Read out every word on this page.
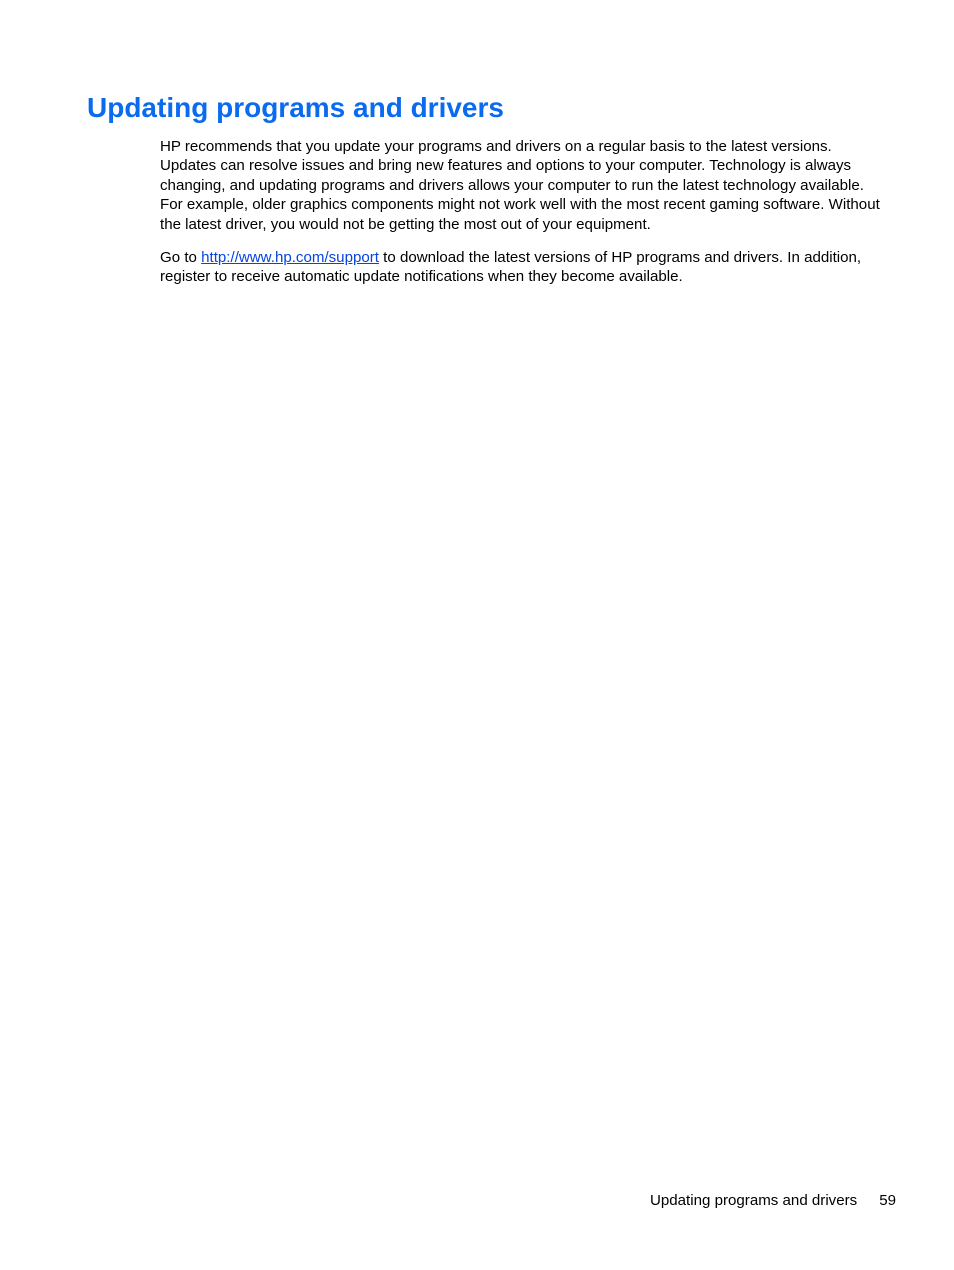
Updating programs and drivers

HP recommends that you update your programs and drivers on a regular basis to the latest versions. Updates can resolve issues and bring new features and options to your computer. Technology is always changing, and updating programs and drivers allows your computer to run the latest technology available. For example, older graphics components might not work well with the most recent gaming software. Without the latest driver, you would not be getting the most out of your equipment.

Go to http://www.hp.com/support to download the latest versions of HP programs and drivers. In addition, register to receive automatic update notifications when they become available.

Updating programs and drivers 59
